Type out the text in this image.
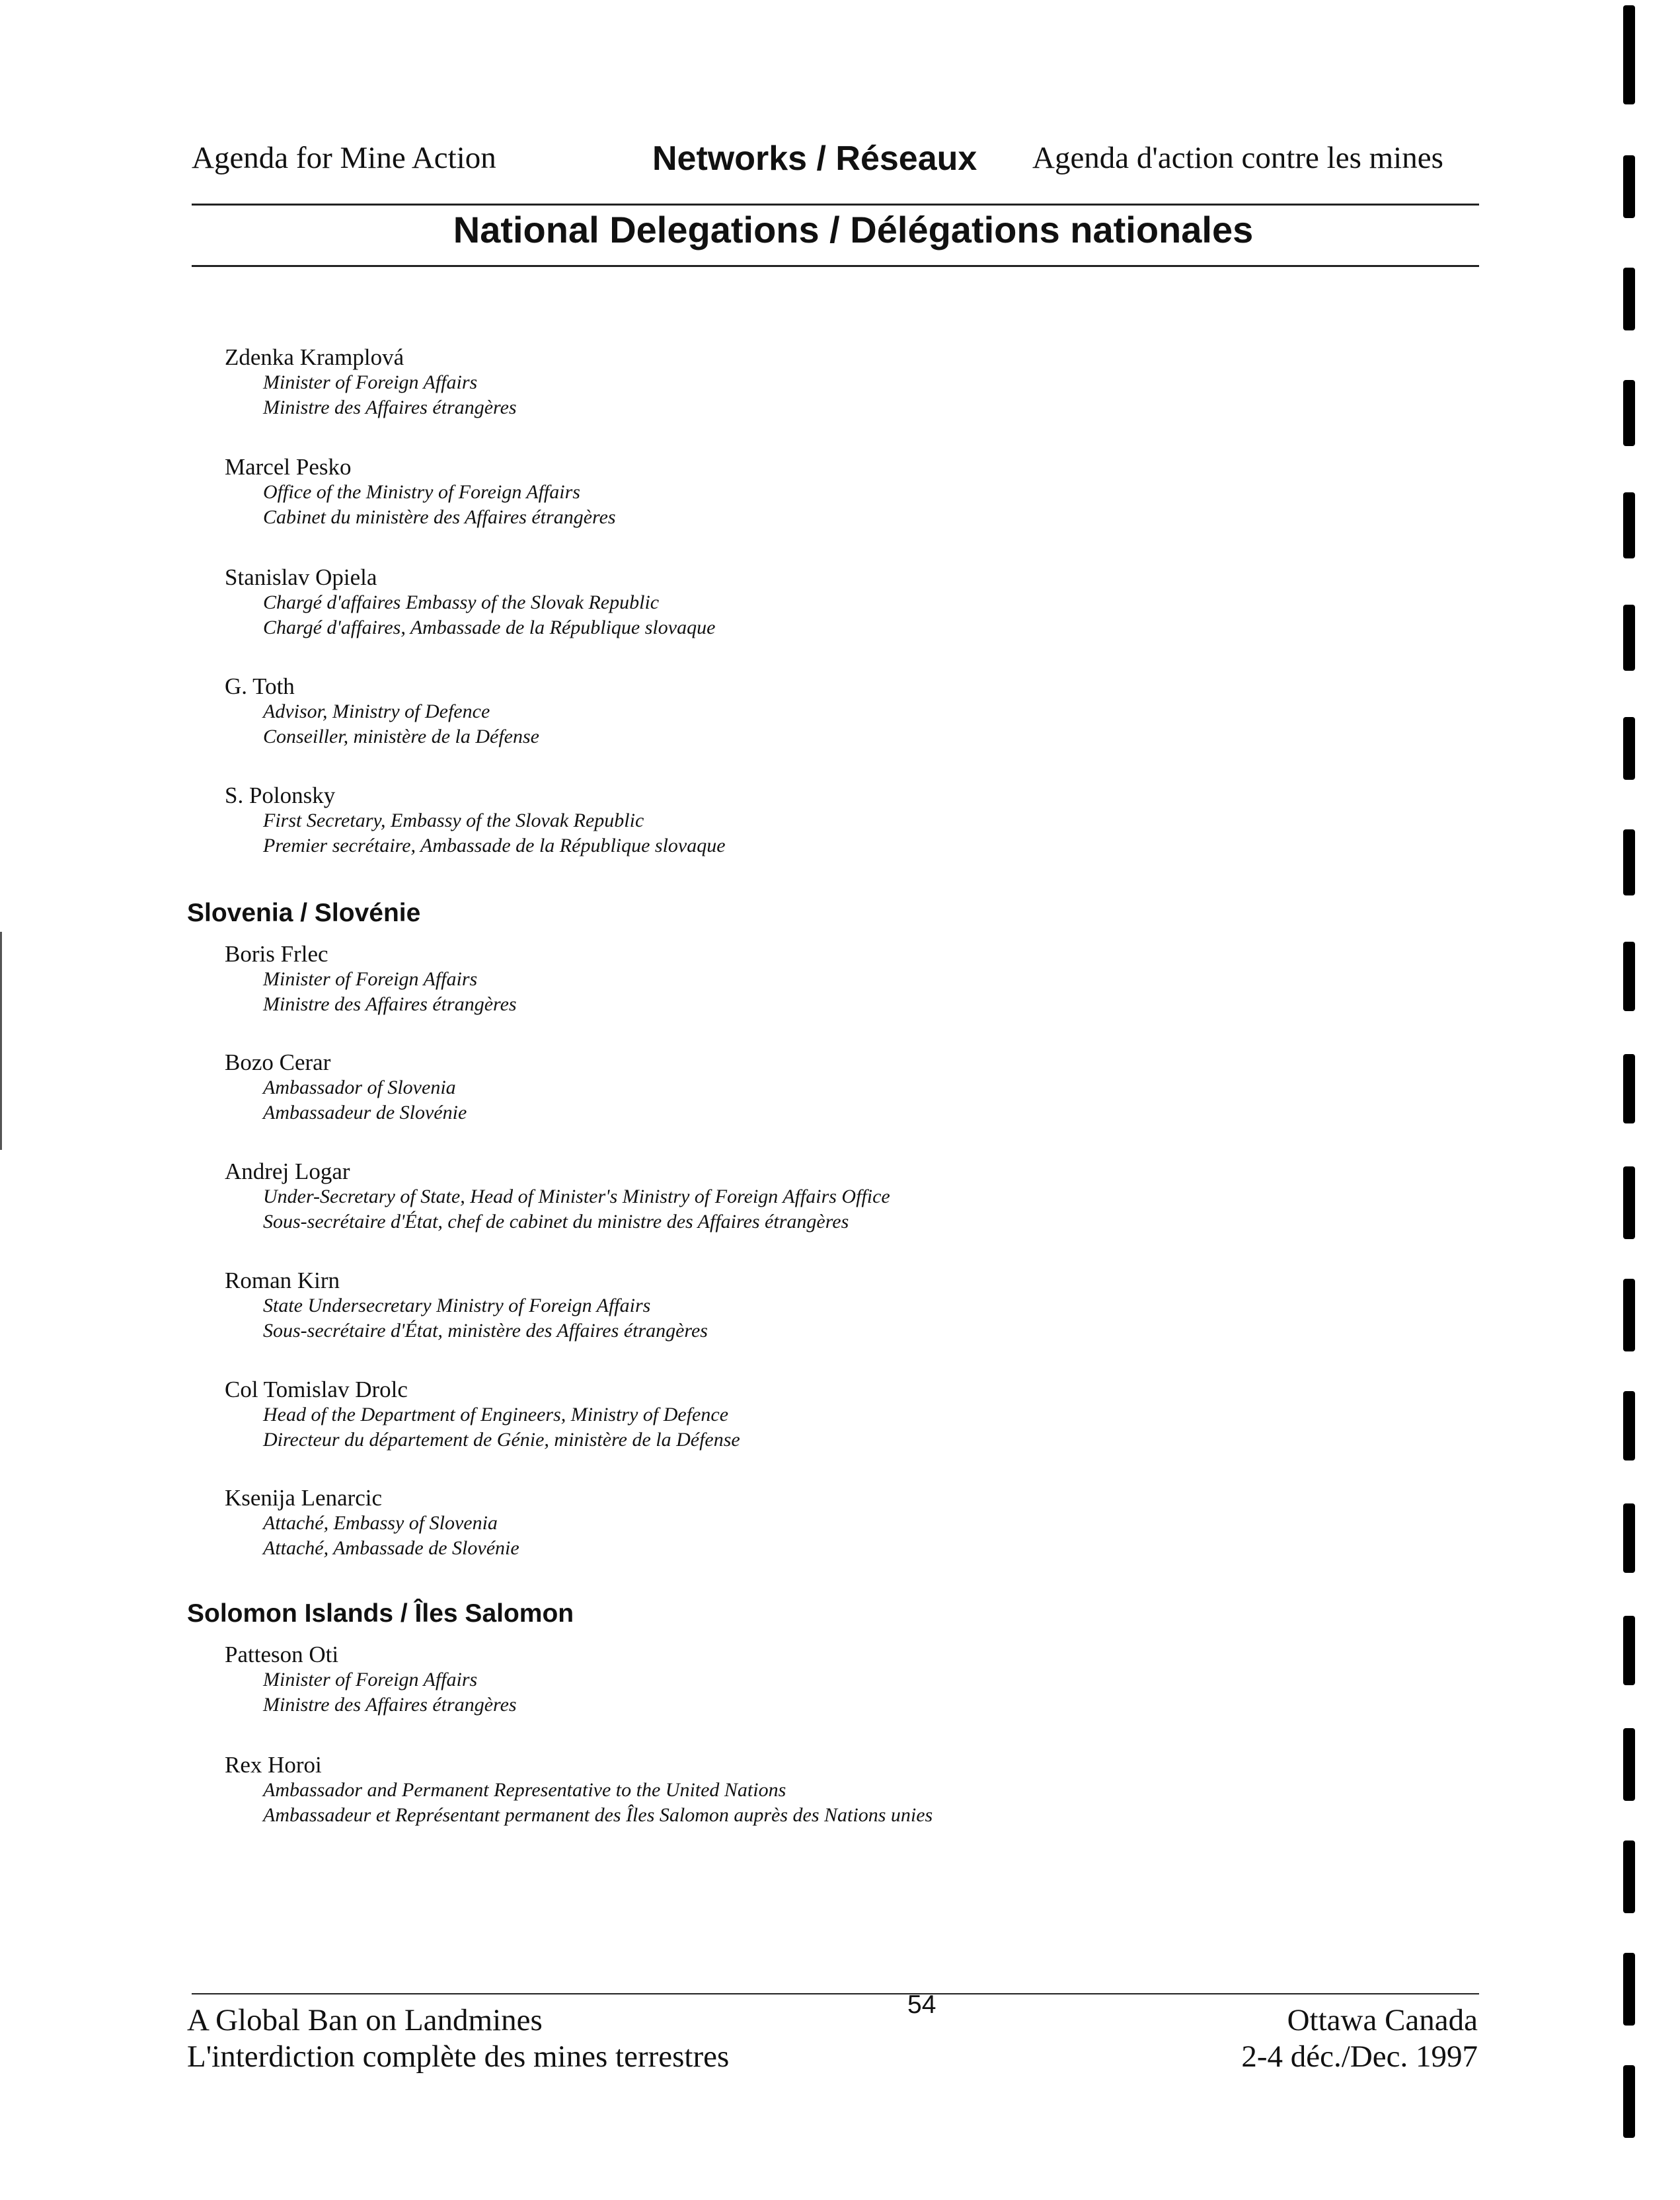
Agenda for Mine Action	Networks / Réseaux Agenda d'action contre les mines
National Delegations / Délégations nationales
Zdenka Kramplová
Minister of Foreign Affairs
Ministre des Affaires étrangères
Marcel Pesko
Office of the Ministry of Foreign Affairs
Cabinet du ministère des Affaires étrangères
Stanislav Opiela
Chargé d'affaires Embassy of the Slovak Republic
Chargé d'affaires, Ambassade de la République slovaque
G. Toth
Advisor, Ministry of Defence
Conseiller, ministère de la Défense
S. Polonsky
First Secretary, Embassy of the Slovak Republic
Premier secrétaire, Ambassade de la République slovaque
Slovenia / Slovénie
Boris Frlec
Minister of Foreign Affairs
Ministre des Affaires étrangères
Bozo Cerar
Ambassador of Slovenia
Ambassadeur de Slovénie
Andrej Logar
Under-Secretary of State, Head of Minister's Ministry of Foreign Affairs Office
Sous-secrétaire d'État, chef de cabinet du ministre des Affaires étrangères
Roman Kirn
State Undersecretary Ministry of Foreign Affairs
Sous-secrétaire d'État, ministère des Affaires étrangères
Col Tomislav Drolc
Head of the Department of Engineers, Ministry of Defence
Directeur du département de Génie, ministère de la Défense
Ksenija Lenarcic
Attaché, Embassy of Slovenia
Attaché, Ambassade de Slovénie
Solomon Islands / Îles Salomon
Patteson Oti
Minister of Foreign Affairs
Ministre des Affaires étrangères
Rex Horoi
Ambassador and Permanent Representative to the United Nations
Ambassadeur et Représentant permanent des Îles Salomon auprès des Nations unies
A Global Ban on Landmines
L'interdiction complète des mines terrestres
54	Ottawa Canada
2-4 déc./Dec. 1997
